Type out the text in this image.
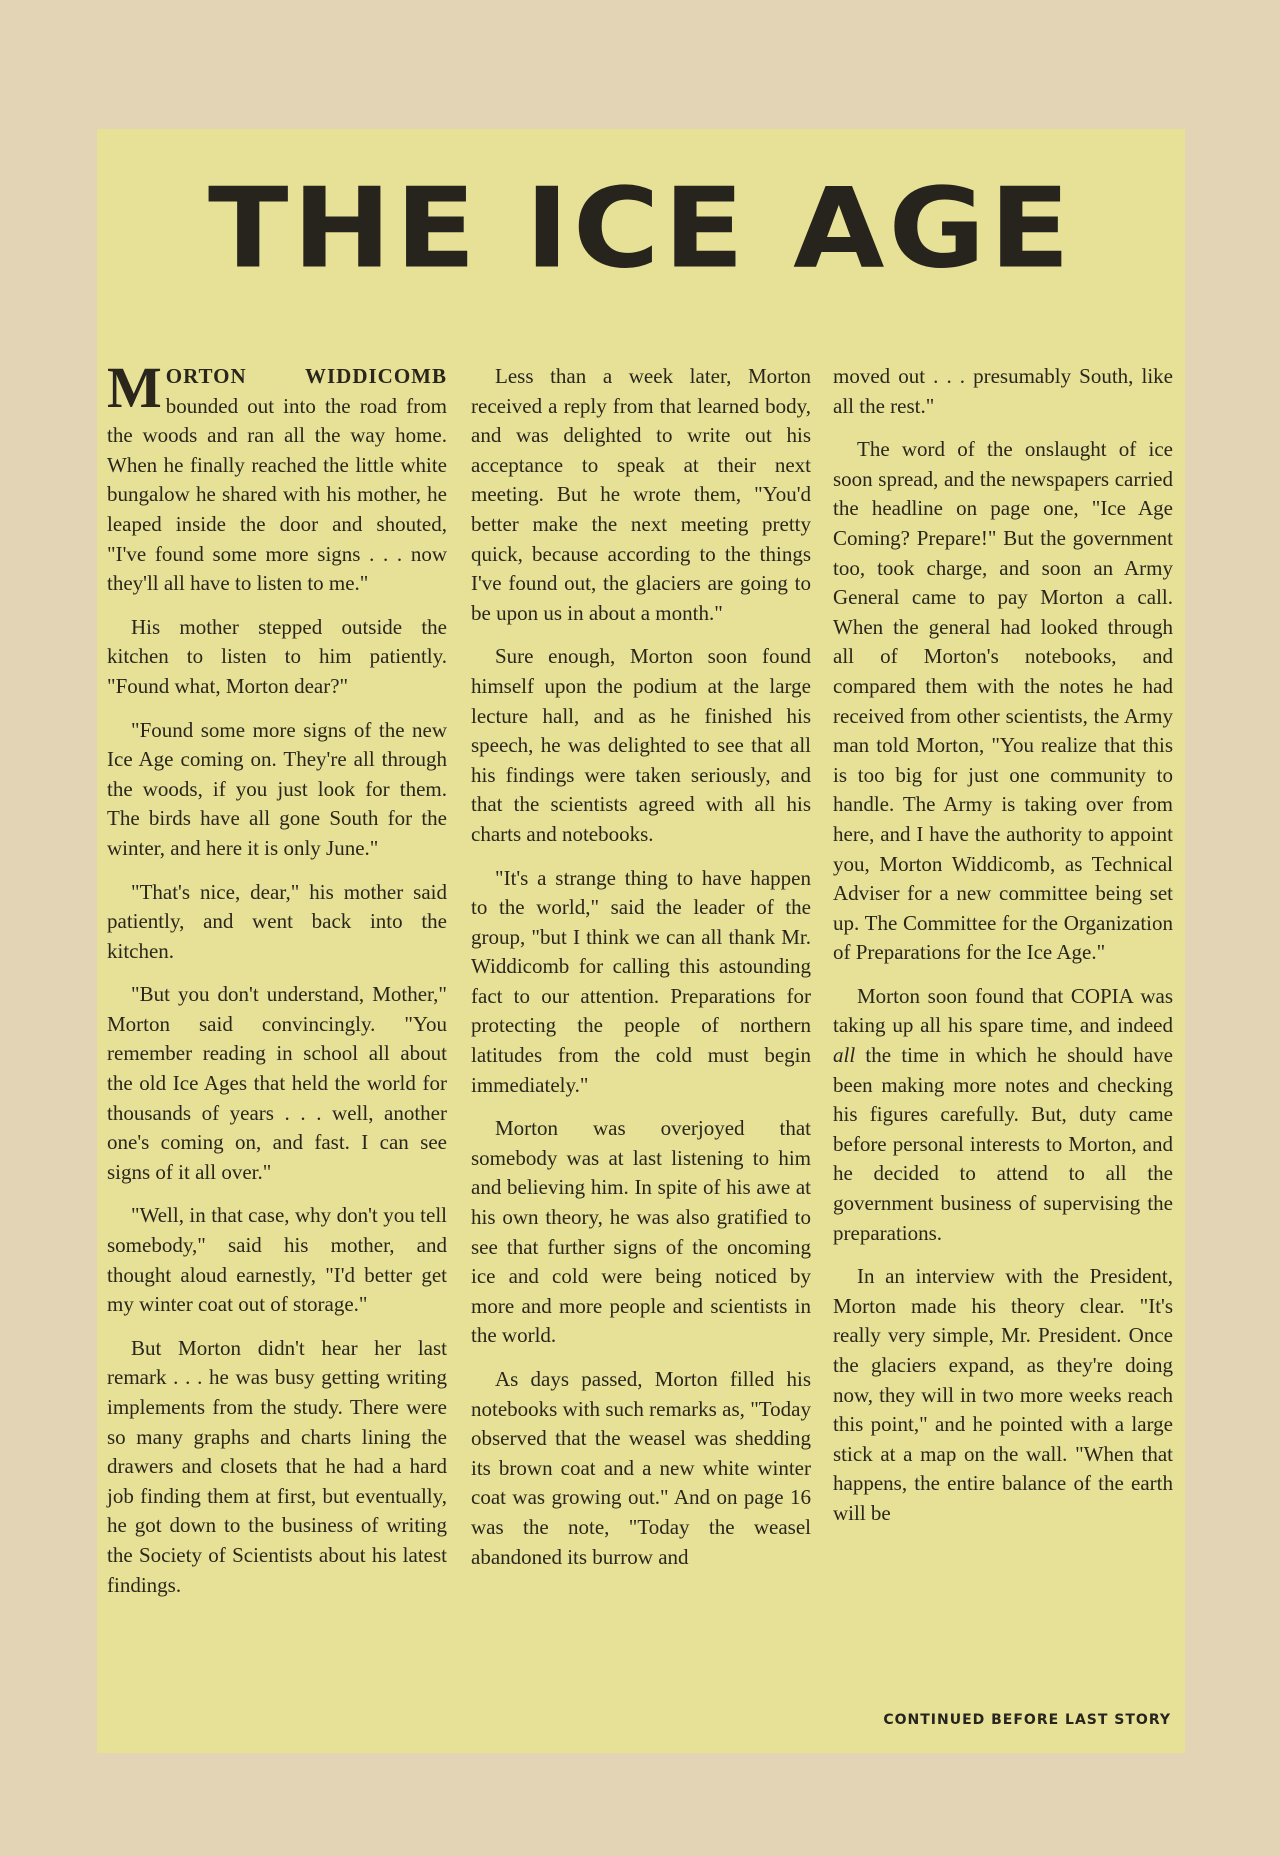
THE ICE AGE

MORTON WIDDICOMB bounded out into the road from the woods and ran all the way home. When he finally reached the little white bungalow he shared with his mother, he leaped inside the door and shouted, "I've found some more signs . . . now they'll all have to listen to me."

His mother stepped outside the kitchen to listen to him patiently. "Found what, Morton dear?"

"Found some more signs of the new Ice Age coming on. They're all through the woods, if you just look for them. The birds have all gone South for the winter, and here it is only June."

"That's nice, dear," his mother said patiently, and went back into the kitchen.

"But you don't understand, Mother," Morton said convincingly. "You remember reading in school all about the old Ice Ages that held the world for thousands of years . . . well, another one's coming on, and fast. I can see signs of it all over."

"Well, in that case, why don't you tell somebody," said his mother, and thought aloud earnestly, "I'd better get my winter coat out of storage."

But Morton didn't hear her last remark . . . he was busy getting writing implements from the study. There were so many graphs and charts lining the drawers and closets that he had a hard job finding them at first, but eventually, he got down to the business of writing the Society of Scientists about his latest findings.

Less than a week later, Morton received a reply from that learned body, and was delighted to write out his acceptance to speak at their next meeting. But he wrote them, "You'd better make the next meeting pretty quick, because according to the things I've found out, the glaciers are going to be upon us in about a month."

Sure enough, Morton soon found himself upon the podium at the large lecture hall, and as he finished his speech, he was delighted to see that all his findings were taken seriously, and that the scientists agreed with all his charts and notebooks.

"It's a strange thing to have happen to the world," said the leader of the group, "but I think we can all thank Mr. Widdicomb for calling this astounding fact to our attention. Preparations for protecting the people of northern latitudes from the cold must begin immediately."

Morton was overjoyed that somebody was at last listening to him and believing him. In spite of his awe at his own theory, he was also gratified to see that further signs of the oncoming ice and cold were being noticed by more and more people and scientists in the world.

As days passed, Morton filled his notebooks with such remarks as, "Today observed that the weasel was shedding its brown coat and a new white winter coat was growing out." And on page 16 was the note, "Today the weasel abandoned its burrow and

moved out . . . presumably South, like all the rest."

The word of the onslaught of ice soon spread, and the newspapers carried the headline on page one, "Ice Age Coming? Prepare!" But the government too, took charge, and soon an Army General came to pay Morton a call. When the general had looked through all of Morton's notebooks, and compared them with the notes he had received from other scientists, the Army man told Morton, "You realize that this is too big for just one community to handle. The Army is taking over from here, and I have the authority to appoint you, Morton Widdicomb, as Technical Adviser for a new committee being set up. The Committee for the Organization of Preparations for the Ice Age."

Morton soon found that COPIA was taking up all his spare time, and indeed all the time in which he should have been making more notes and checking his figures carefully. But, duty came before personal interests to Morton, and he decided to attend to all the government business of supervising the preparations.

In an interview with the President, Morton made his theory clear. "It's really very simple, Mr. President. Once the glaciers expand, as they're doing now, they will in two more weeks reach this point," and he pointed with a large stick at a map on the wall. "When that happens, the entire balance of the earth will be

CONTINUED BEFORE LAST STORY
